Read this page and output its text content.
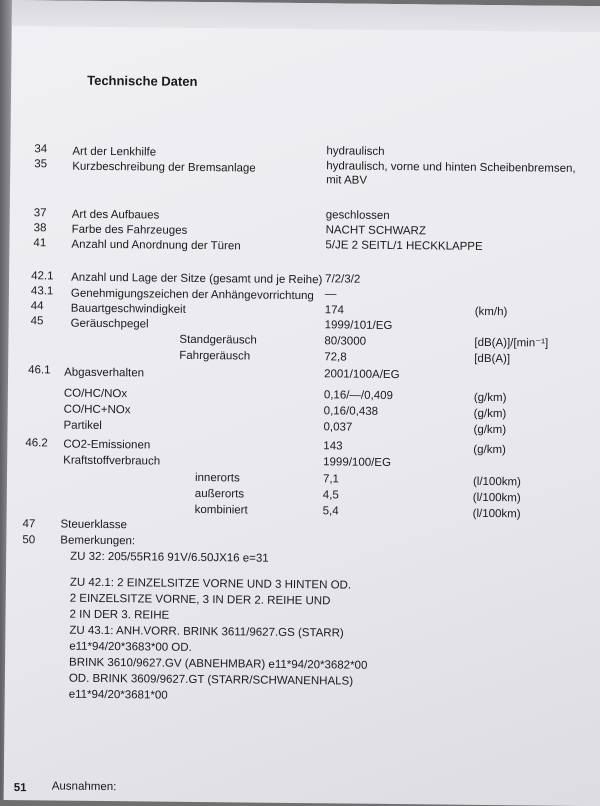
Technische Daten
34 Art der Lenkhilfe	hydraulisch
35 Kurzbeschreibung der Bremsanlage	hydraulisch, vorne und hinten Scheibenbremsen,
mit ABV
37 Art des Aufbaues	geschlossen
38 Farbe des Fahrzeuges	NACHT SCHWARZ
41 Anzahl und Anordnung der Türen	5/JE 2 SEITL/1 HECKKLAPPE
42.1 Anzahl und Lage der Sitze (gesamt und je Reihe) 7/2/3/2
43.1 Genehmigungszeichen der Anhängevorrichtung —
44 Bauartgeschwindigkeit	174	(km/h)
45 Geräuschpegel	1999/101/EG
Standgeräusch	80/3000	[dB(A)]/[min⁻¹]
Fahrgeräusch	72,8	[dB(A)]
46.1 Abgasverhalten	2001/100A/EG
CO/HC/NOx	0,16/—/0,409	(g/km)
CO/HC+NOx	0,16/0,438	(g/km)
Partikel	0,037	(g/km)
46.2 CO2-Emissionen	143	(g/km)
Kraftstoffverbrauch	1999/100/EG
innerorts	7,1	(l/100km)
außerorts	4,5	(l/100km)
kombiniert	5,4	(l/100km)
47 Steuerklasse
50 Bemerkungen:
ZU 32: 205/55R16 91V/6.50JX16 e=31
ZU 42.1: 2 EINZELSITZE VORNE UND 3 HINTEN OD.
2 EINZELSITZE VORNE, 3 IN DER 2. REIHE UND
2 IN DER 3. REIHE
ZU 43.1: ANH.VORR. BRINK 3611/9627.GS (STARR)
e11*94/20*3683*00 OD.
BRINK 3610/9627.GV (ABNEHMBAR) e11*94/20*3682*00
OD. BRINK 3609/9627.GT (STARR/SCHWANENHALS)
e11*94/20*3681*00
51 Ausnahmen:
